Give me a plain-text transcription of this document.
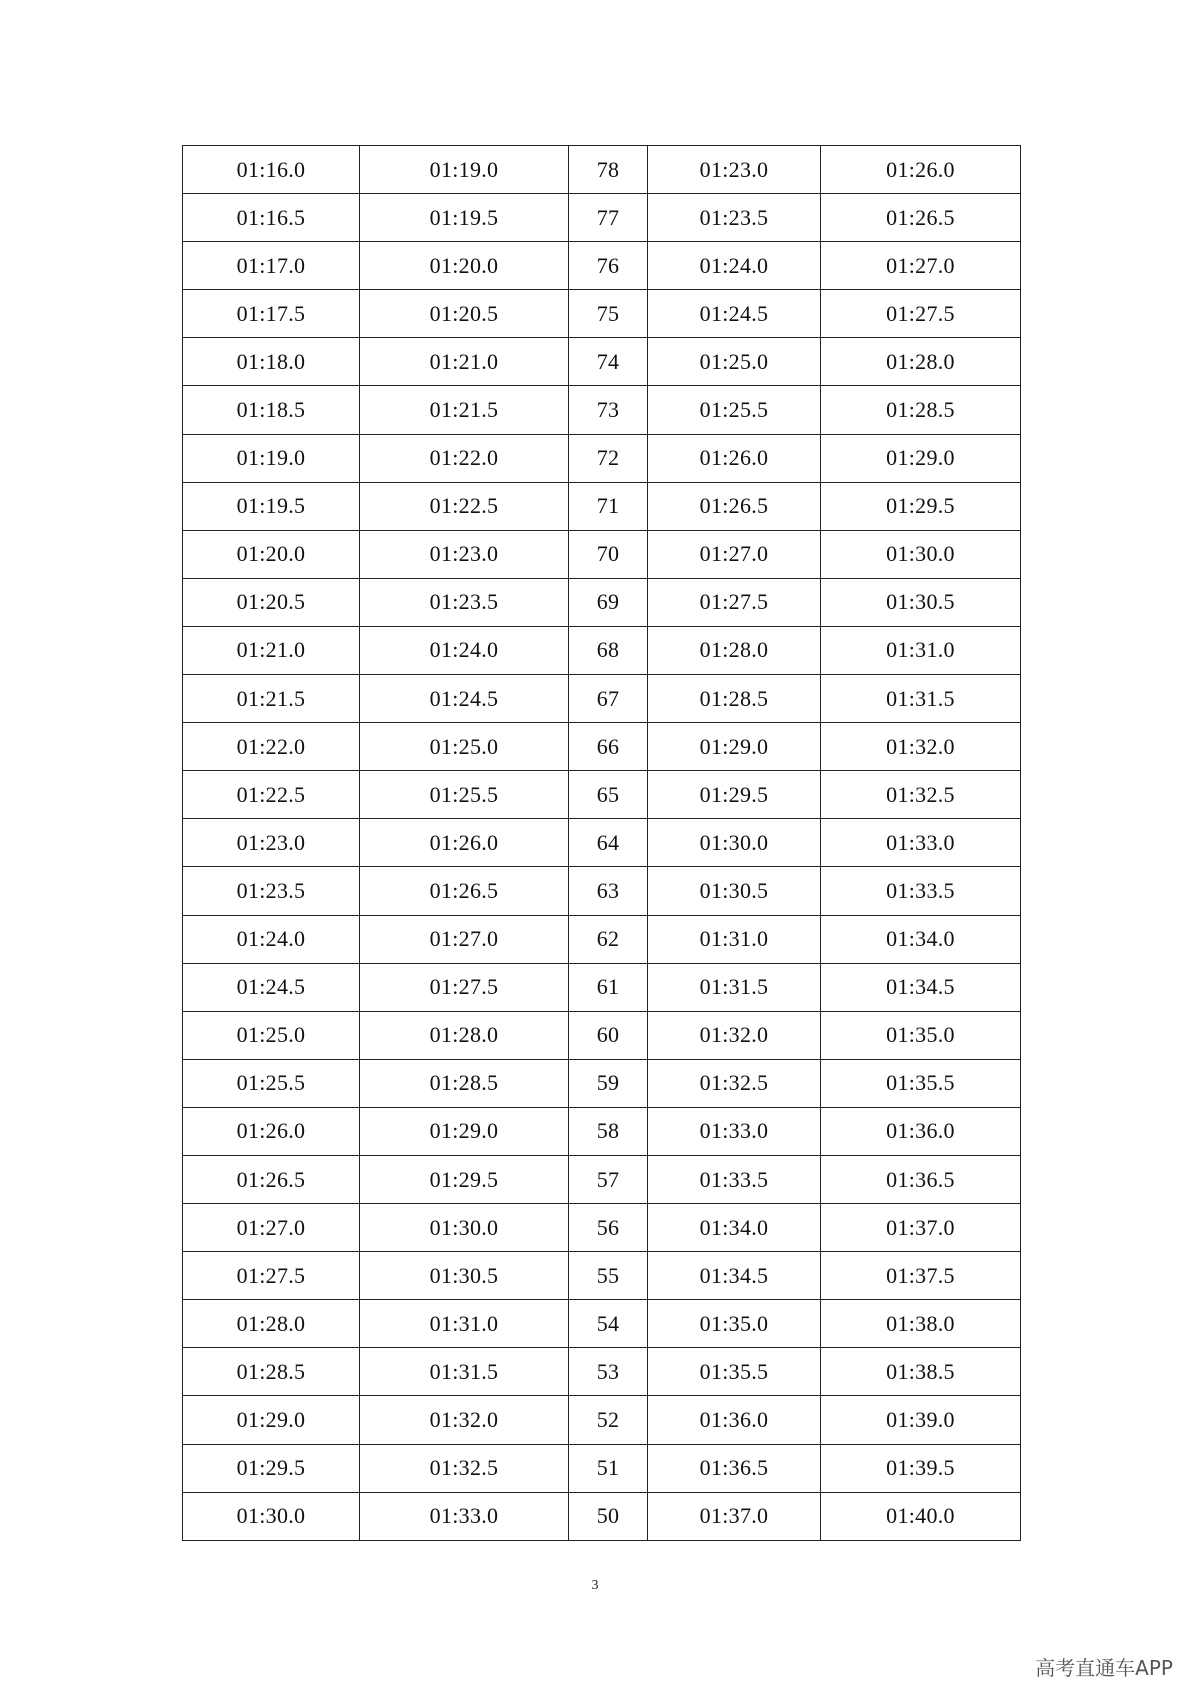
01:16.0	01:19.0	78	01:23.0	01:26.0
01:16.5	01:19.5	77	01:23.5	01:26.5
01:17.0	01:20.0	76	01:24.0	01:27.0
01:17.5	01:20.5	75	01:24.5	01:27.5
01:18.0	01:21.0	74	01:25.0	01:28.0
01:18.5	01:21.5	73	01:25.5	01:28.5
01:19.0	01:22.0	72	01:26.0	01:29.0
01:19.5	01:22.5	71	01:26.5	01:29.5
01:20.0	01:23.0	70	01:27.0	01:30.0
01:20.5	01:23.5	69	01:27.5	01:30.5
01:21.0	01:24.0	68	01:28.0	01:31.0
01:21.5	01:24.5	67	01:28.5	01:31.5
01:22.0	01:25.0	66	01:29.0	01:32.0
01:22.5	01:25.5	65	01:29.5	01:32.5
01:23.0	01:26.0	64	01:30.0	01:33.0
01:23.5	01:26.5	63	01:30.5	01:33.5
01:24.0	01:27.0	62	01:31.0	01:34.0
01:24.5	01:27.5	61	01:31.5	01:34.5
01:25.0	01:28.0	60	01:32.0	01:35.0
01:25.5	01:28.5	59	01:32.5	01:35.5
01:26.0	01:29.0	58	01:33.0	01:36.0
01:26.5	01:29.5	57	01:33.5	01:36.5
01:27.0	01:30.0	56	01:34.0	01:37.0
01:27.5	01:30.5	55	01:34.5	01:37.5
01:28.0	01:31.0	54	01:35.0	01:38.0
01:28.5	01:31.5	53	01:35.5	01:38.5
01:29.0	01:32.0	52	01:36.0	01:39.0
01:29.5	01:32.5	51	01:36.5	01:39.5
01:30.0	01:33.0	50	01:37.0	01:40.0
3
高考直通车APP
